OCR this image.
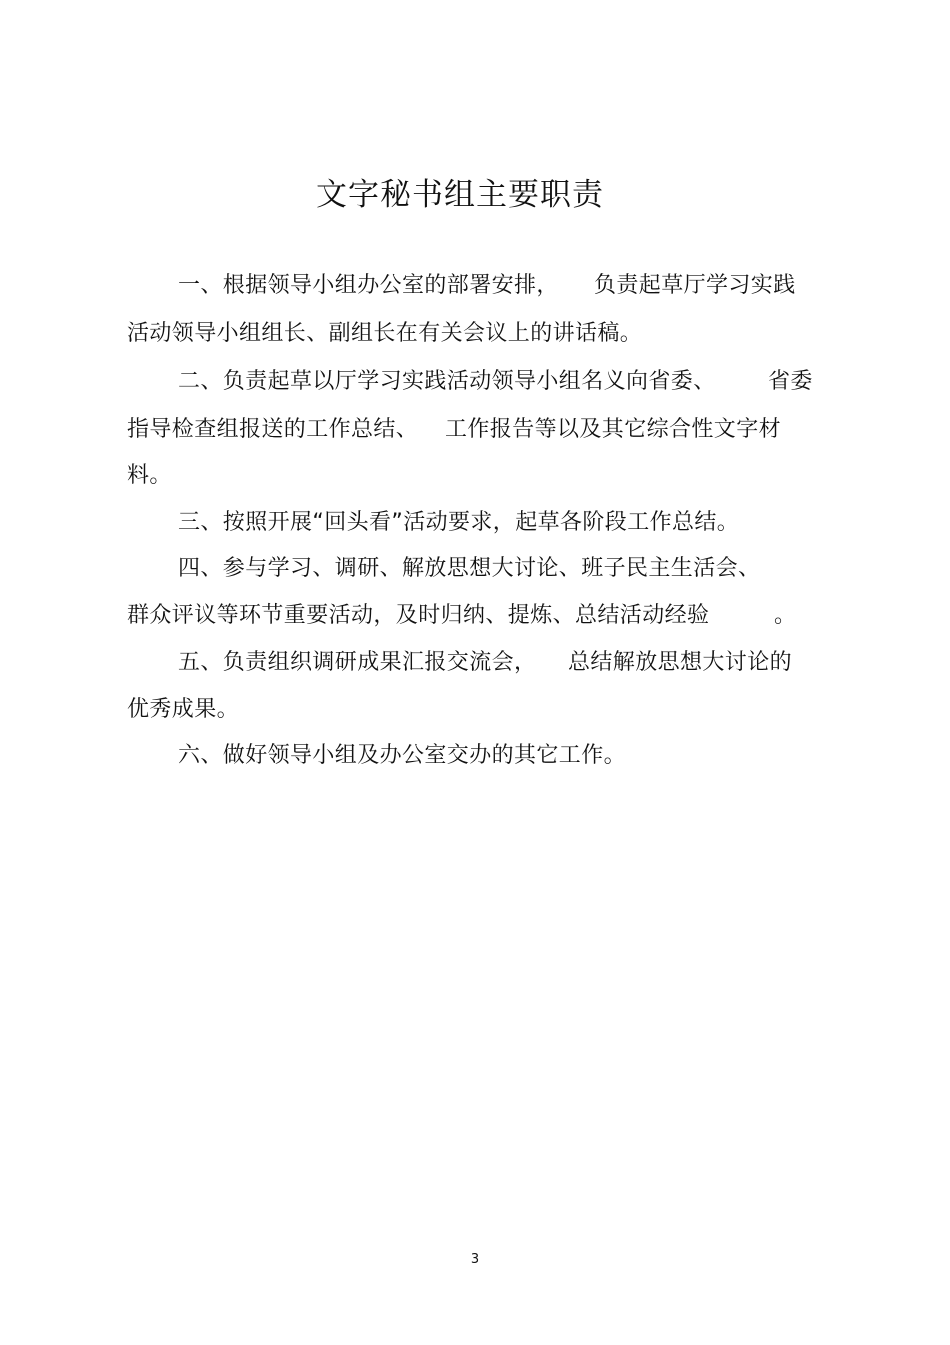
文字秘书组主要职责
一、根据领导小组办公室的部署安排， 负责起草厅学习实践
活动领导小组组长、副组长在有关会议上的讲话稿。
二、负责起草以厅学习实践活动领导小组名义向省委、 省委
指导检查组报送的工作总结、 工作报告等以及其它综合性文字材
料。
三、按照开展“回头看”活动要求，起草各阶段工作总结。
四、参与学习、调研、解放思想大讨论、班子民主生活会、
群众评议等环节重要活动，及时归纳、提炼、总结活动经验	。
五、负责组织调研成果汇报交流会， 总结解放思想大讨论的
优秀成果。
六、做好领导小组及办公室交办的其它工作。
3
